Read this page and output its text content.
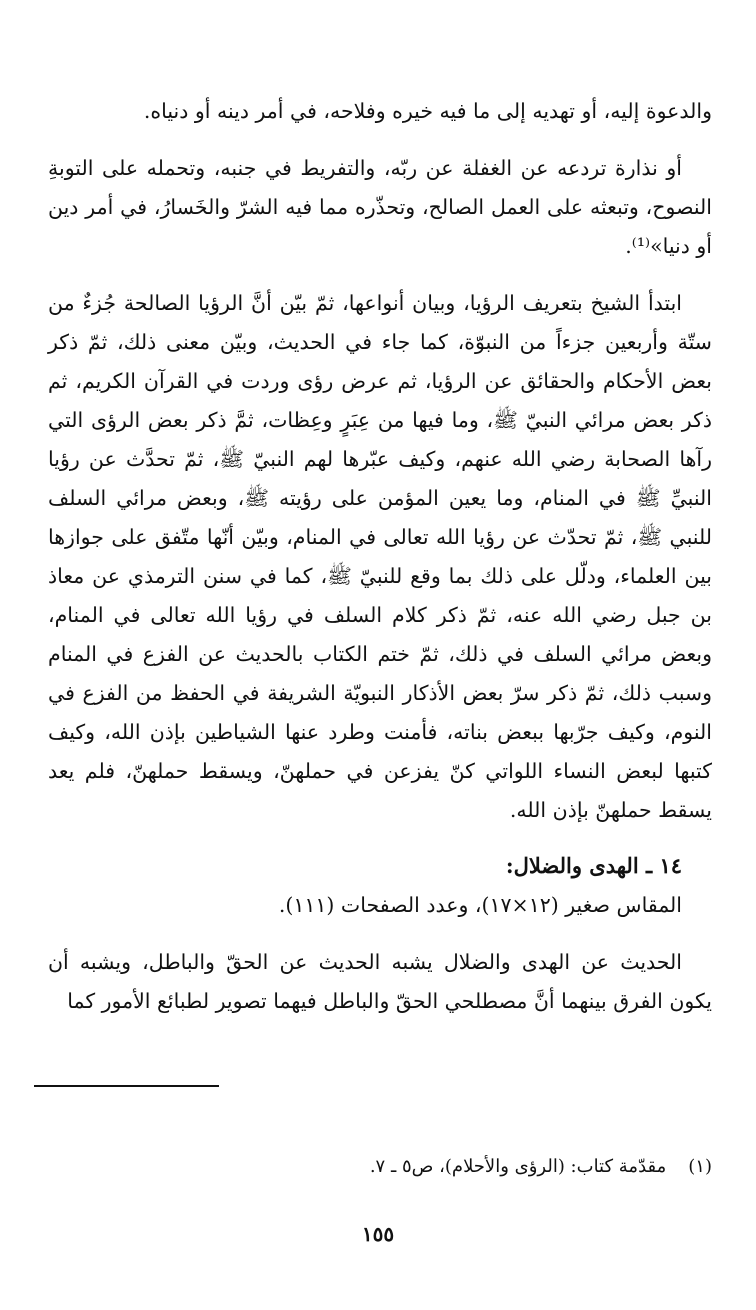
والدعوة إليه، أو تهديه إلى ما فيه خيره وفلاحه، في أمر دينه أو دنياه.

أو نذارة تردعه عن الغفلة عن ربّه، والتفريط في جنبه، وتحمله على التوبةِ النصوح، وتبعثه على العمل الصالح، وتحذّره مما فيه الشرّ والخَسارُ، في أمر دين أو دنيا»⁽¹⁾.

ابتدأ الشيخ بتعريف الرؤيا، وبيان أنواعها، ثمّ بيّن أنَّ الرؤيا الصالحة جُزءٌ من ستّة وأربعين جزءاً من النبوّة، كما جاء في الحديث، وبيّن معنى ذلك، ثمّ ذكر بعض الأحكام والحقائق عن الرؤيا، ثم عرض رؤى وردت في القرآن الكريم، ثم ذكر بعض مرائي النبيّ ﷺ، وما فيها من عِبَرٍ وعِظات، ثمَّ ذكر بعض الرؤى التي رآها الصحابة رضي الله عنهم، وكيف عبّرها لهم النبيّ ﷺ، ثمّ تحدَّث عن رؤيا النبيِّ ﷺ في المنام، وما يعين المؤمن على رؤيته ﷺ، وبعض مرائي السلف للنبي ﷺ، ثمّ تحدّث عن رؤيا الله تعالى في المنام، وبيّن أنّها متّفق على جوازها بين العلماء، ودلّل على ذلك بما وقع للنبيّ ﷺ، كما في سنن الترمذي عن معاذ بن جبل رضي الله عنه، ثمّ ذكر كلام السلف في رؤيا الله تعالى في المنام، وبعض مرائي السلف في ذلك، ثمّ ختم الكتاب بالحديث عن الفزع في المنام وسبب ذلك، ثمّ ذكر سرّ بعض الأذكار النبويّة الشريفة في الحفظ من الفزع في النوم، وكيف جرّبها ببعض بناته، فأمنت وطرد عنها الشياطين بإذن الله، وكيف كتبها لبعض النساء اللواتي كنّ يفزعن في حملهنّ، ويسقط حملهنّ، فلم يعد يسقط حملهنّ بإذن الله.

١٤ ـ الهدى والضلال:

المقاس صغير (١٢×١٧)، وعدد الصفحات (١١١).

الحديث عن الهدى والضلال يشبه الحديث عن الحقّ والباطل، ويشبه أن يكون الفرق بينهما أنَّ مصطلحي الحقّ والباطل فيهما تصوير لطبائع الأمور كما

(١)مقدّمة كتاب: (الرؤى والأحلام)، ص٥ ـ ٧.
١٥٥
